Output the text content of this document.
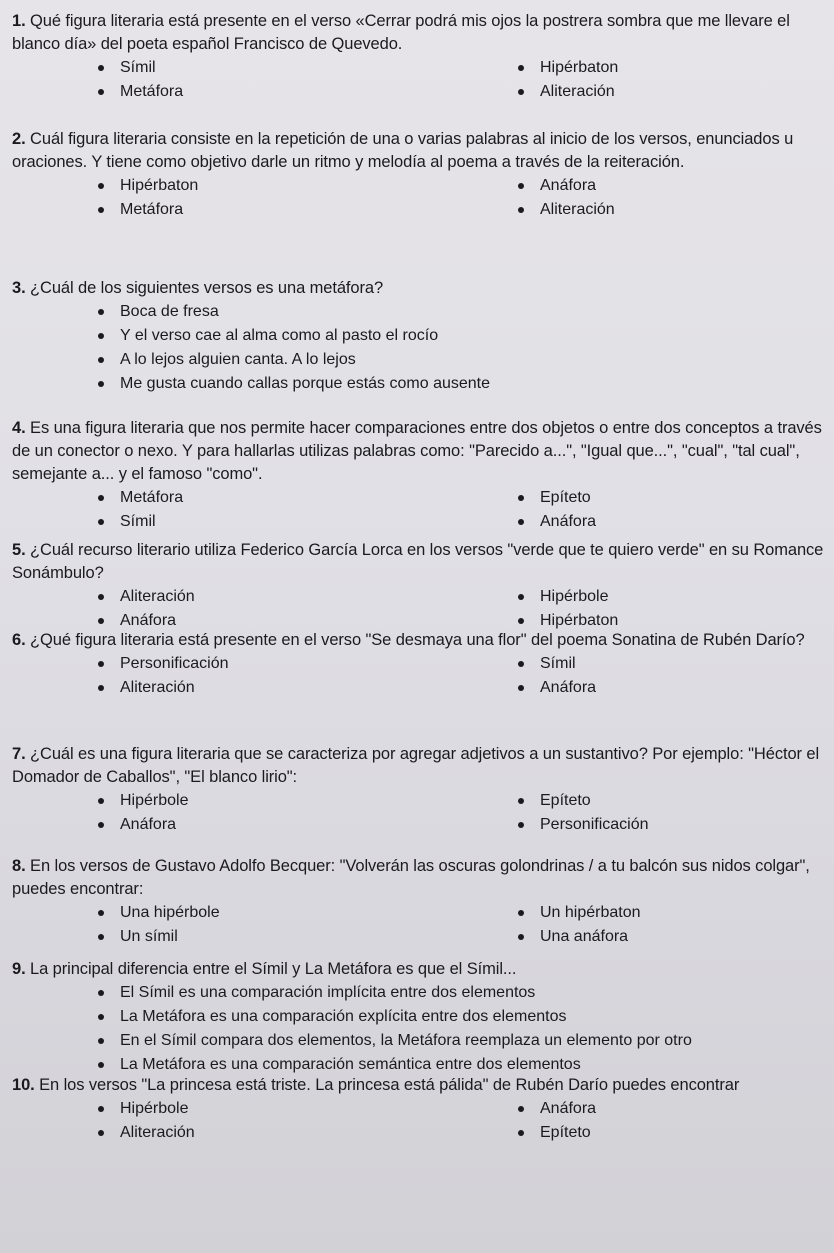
1. Qué figura literaria está presente en el verso «Cerrar podrá mis ojos la postrera sombra que me llevare el blanco día» del poeta español Francisco de Quevedo.

Símil	Hipérbaton
Metáfora	Aliteración

2. Cuál figura literaria consiste en la repetición de una o varias palabras al inicio de los versos, enunciados u oraciones. Y tiene como objetivo darle un ritmo y melodía al poema a través de la reiteración.

Hipérbaton	Anáfora
Metáfora	Aliteración

3. ¿Cuál de los siguientes versos es una metáfora?

Boca de fresa
Y el verso cae al alma como al pasto el rocío
A lo lejos alguien canta. A lo lejos
Me gusta cuando callas porque estás como ausente

4. Es una figura literaria que nos permite hacer comparaciones entre dos objetos o entre dos conceptos a través de un conector o nexo. Y para hallarlas utilizas palabras como: "Parecido a...", "Igual que...", "cual", "tal cual", semejante a... y el famoso "como".

Metáfora	Epíteto
Símil	Anáfora

5. ¿Cuál recurso literario utiliza Federico García Lorca en los versos "verde que te quiero verde" en su Romance Sonámbulo?

Aliteración	Hipérbole
Anáfora	Hipérbaton

6. ¿Qué figura literaria está presente en el verso "Se desmaya una flor" del poema Sonatina de Rubén Darío?

Personificación	Símil
Aliteración	Anáfora

7. ¿Cuál es una figura literaria que se caracteriza por agregar adjetivos a un sustantivo? Por ejemplo: "Héctor el Domador de Caballos", "El blanco lirio":

Hipérbole	Epíteto
Anáfora	Personificación

8. En los versos de Gustavo Adolfo Becquer: "Volverán las oscuras golondrinas / a tu balcón sus nidos colgar", puedes encontrar:

Una hipérbole	Un hipérbaton
Un símil	Una anáfora

9. La principal diferencia entre el Símil y La Metáfora es que el Símil...

El Símil es una comparación implícita entre dos elementos
La Metáfora es una comparación explícita entre dos elementos
En el Símil compara dos elementos, la Metáfora reemplaza un elemento por otro
La Metáfora es una comparación semántica entre dos elementos

10. En los versos "La princesa está triste. La princesa está pálida" de Rubén Darío puedes encontrar

Hipérbole	Anáfora
Aliteración	Epíteto
